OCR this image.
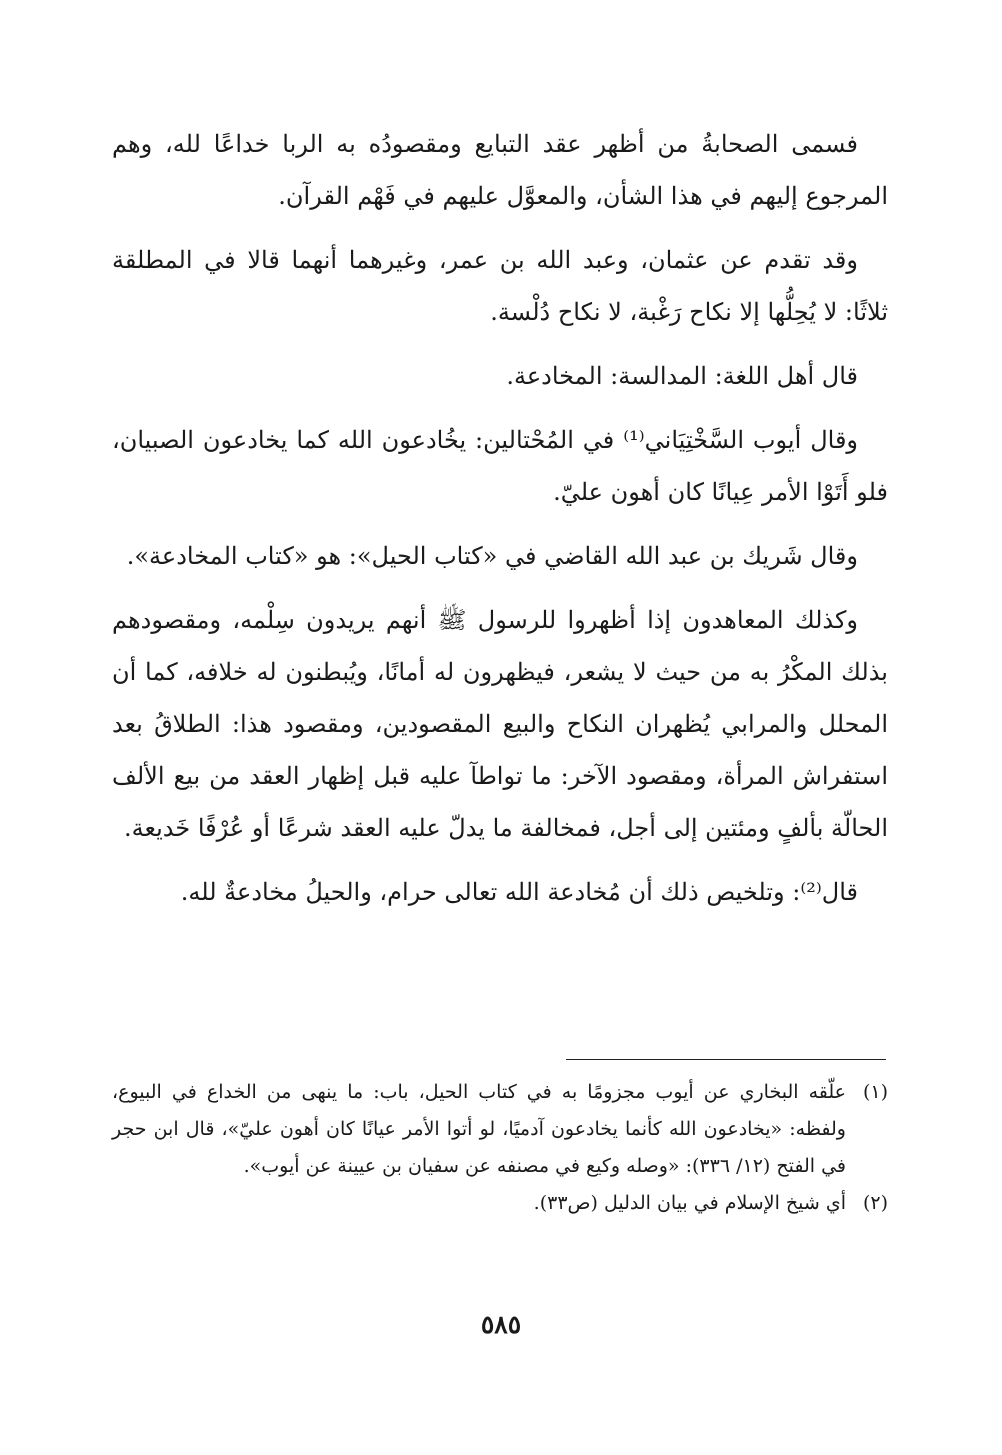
فسمى الصحابةُ من أظهر عقد التبايع ومقصودُه به الربا خداعًا لله، وهم المرجوع إليهم في هذا الشأن، والمعوَّل عليهم في فَهْم القرآن.

وقد تقدم عن عثمان، وعبد الله بن عمر، وغيرهما أنهما قالا في المطلقة ثلاثًا: لا يُحِلُّها إلا نكاح رَغْبة، لا نكاح دُلْسة.

قال أهل اللغة: المدالسة: المخادعة.

وقال أيوب السَّخْتِيَاني⁽¹⁾ في المُحْتالين: يخُادعون الله كما يخادعون الصبيان، فلو أَتَوْا الأمر عِيانًا كان أهون عليّ.

وقال شَريك بن عبد الله القاضي في «كتاب الحيل»: هو «كتاب المخادعة».

وكذلك المعاهدون إذا أظهروا للرسول ﷺ أنهم يريدون سِلْمه، ومقصودهم بذلك المكْرُ به من حيث لا يشعر، فيظهرون له أمانًا، ويُبطنون له خلافه، كما أن المحلل والمرابي يُظهران النكاح والبيع المقصودين، ومقصود هذا: الطلاقُ بعد استفراش المرأة، ومقصود الآخر: ما تواطآ عليه قبل إظهار العقد من بيع الألف الحالّة بألفٍ ومئتين إلى أجل، فمخالفة ما يدلّ عليه العقد شرعًا أو عُرْفًا خَديعة.

قال⁽²⁾: وتلخيص ذلك أن مُخادعة الله تعالى حرام، والحيلُ مخادعةٌ لله.

(١)
علّقه البخاري عن أيوب مجزومًا به في كتاب الحيل، باب: ما ينهى من الخداع في البيوع، ولفظه: «يخادعون الله كأنما يخادعون آدميًا، لو أتوا الأمر عيانًا كان أهون عليّ»، قال ابن حجر في الفتح (١٢/ ٣٣٦): «وصله وكيع في مصنفه عن سفيان بن عيينة عن أيوب».
(٢)
أي شيخ الإسلام في بيان الدليل (ص٣٣).
٥٨٥
